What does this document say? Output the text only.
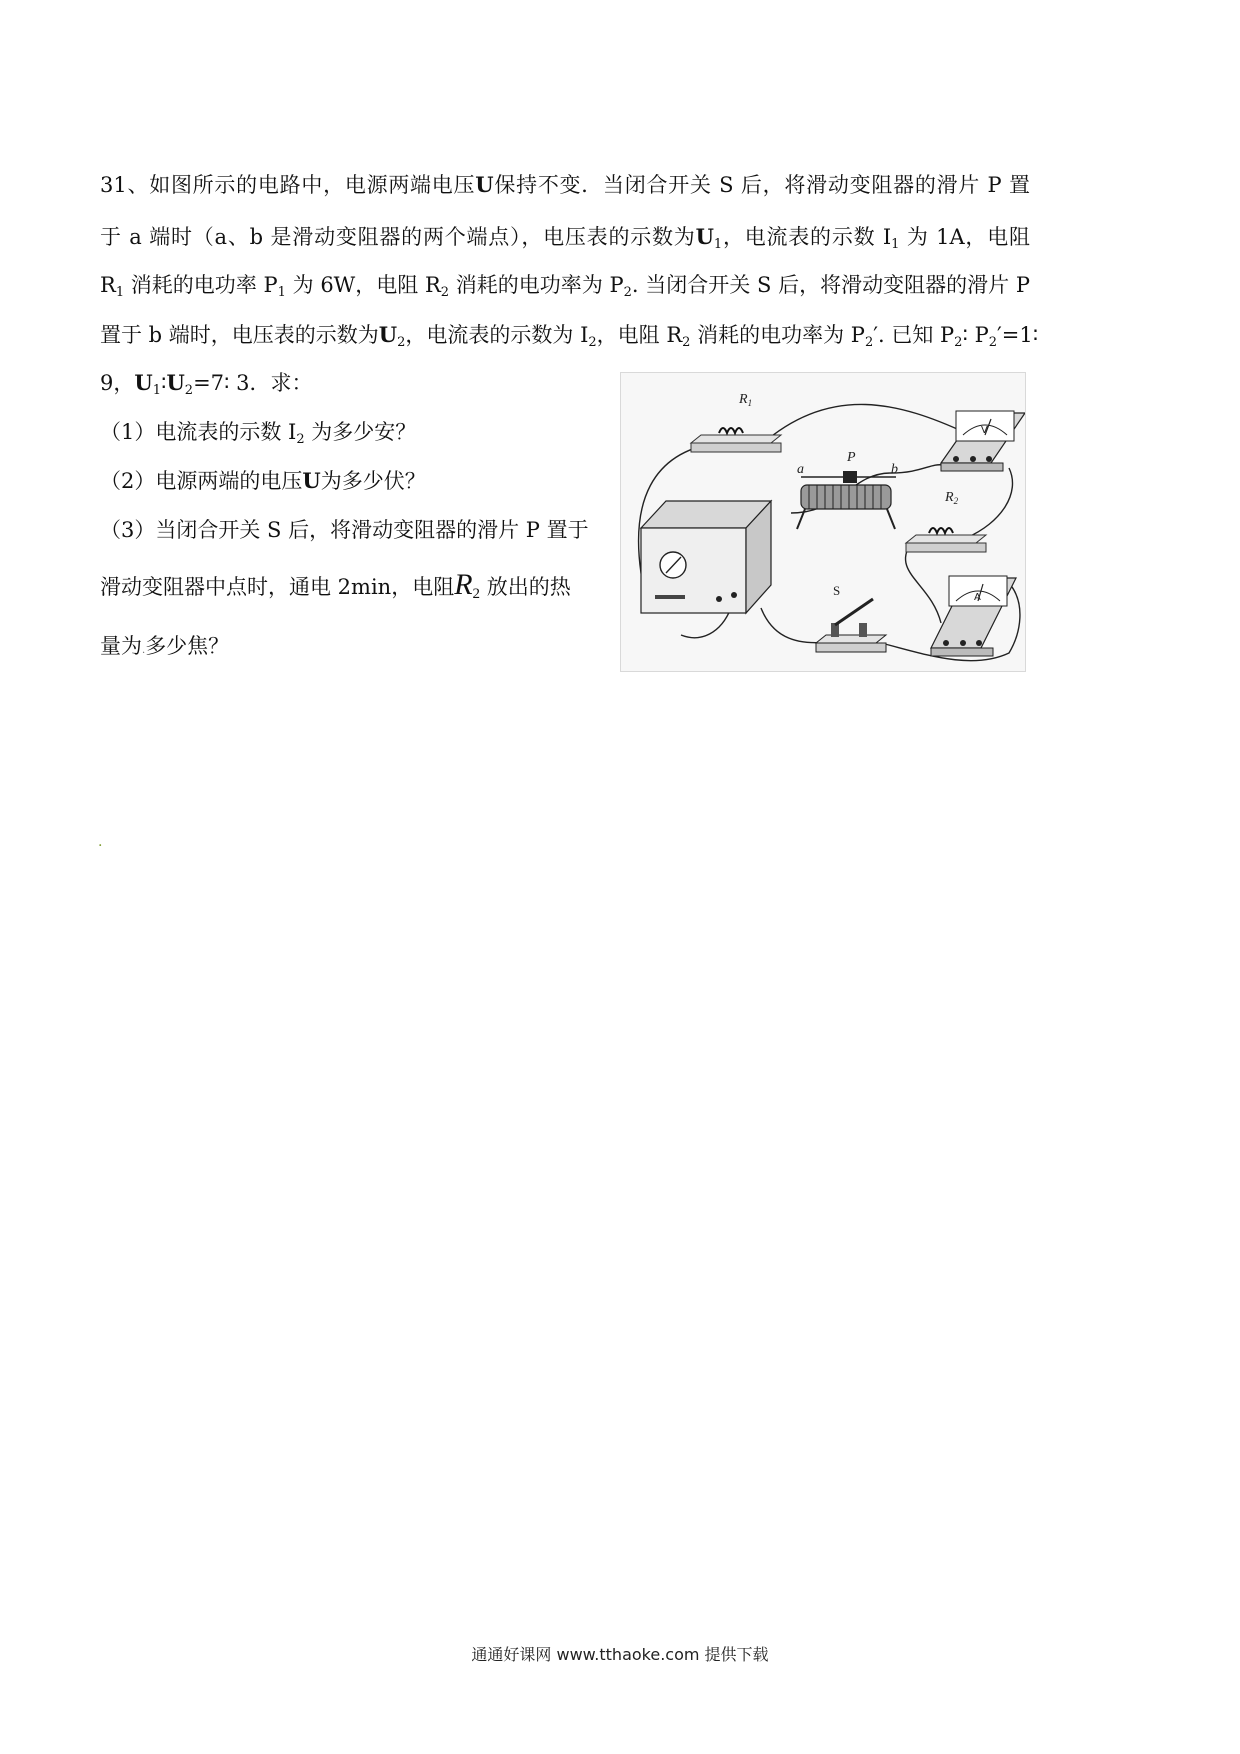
31、如图所示的电路中，电源两端电压U保持不变．当闭合开关 S 后，将滑动变阻器的滑片 P 置
于 a 端时（a、b 是滑动变阻器的两个端点），电压表的示数为$U_1$，电流表的示数 $I_1$ 为 1A，电阻
$R_1$ 消耗的电功率 $P_1$ 为 6W，电阻 $R_2$ 消耗的电功率为 $P_2$. 当闭合开关 S 后，将滑动变阻器的滑片 P
置于 b 端时，电压表的示数为$U_2$，电流表的示数为 $I_2$，电阻 $R_2$ 消耗的电功率为 $P_2'$. 已知 $P_2∶$ $P_2'=1∶$
9，$U_1∶U_2=7∶$ 3．求：
（1）电流表的示数 $I_2$ 为多少安？
（2）电源两端的电压U为多少伏？
（3）当闭合开关 S 后，将滑动变阻器的滑片 P 置于
滑动变阻器中点时，通电 2min，电阻$R_2$ 放出的热
量为.多少焦？
$R_1$
a
P
b
$R_2$
V
A
S
.
通通好课网 www.tthaoke.com 提供下载
